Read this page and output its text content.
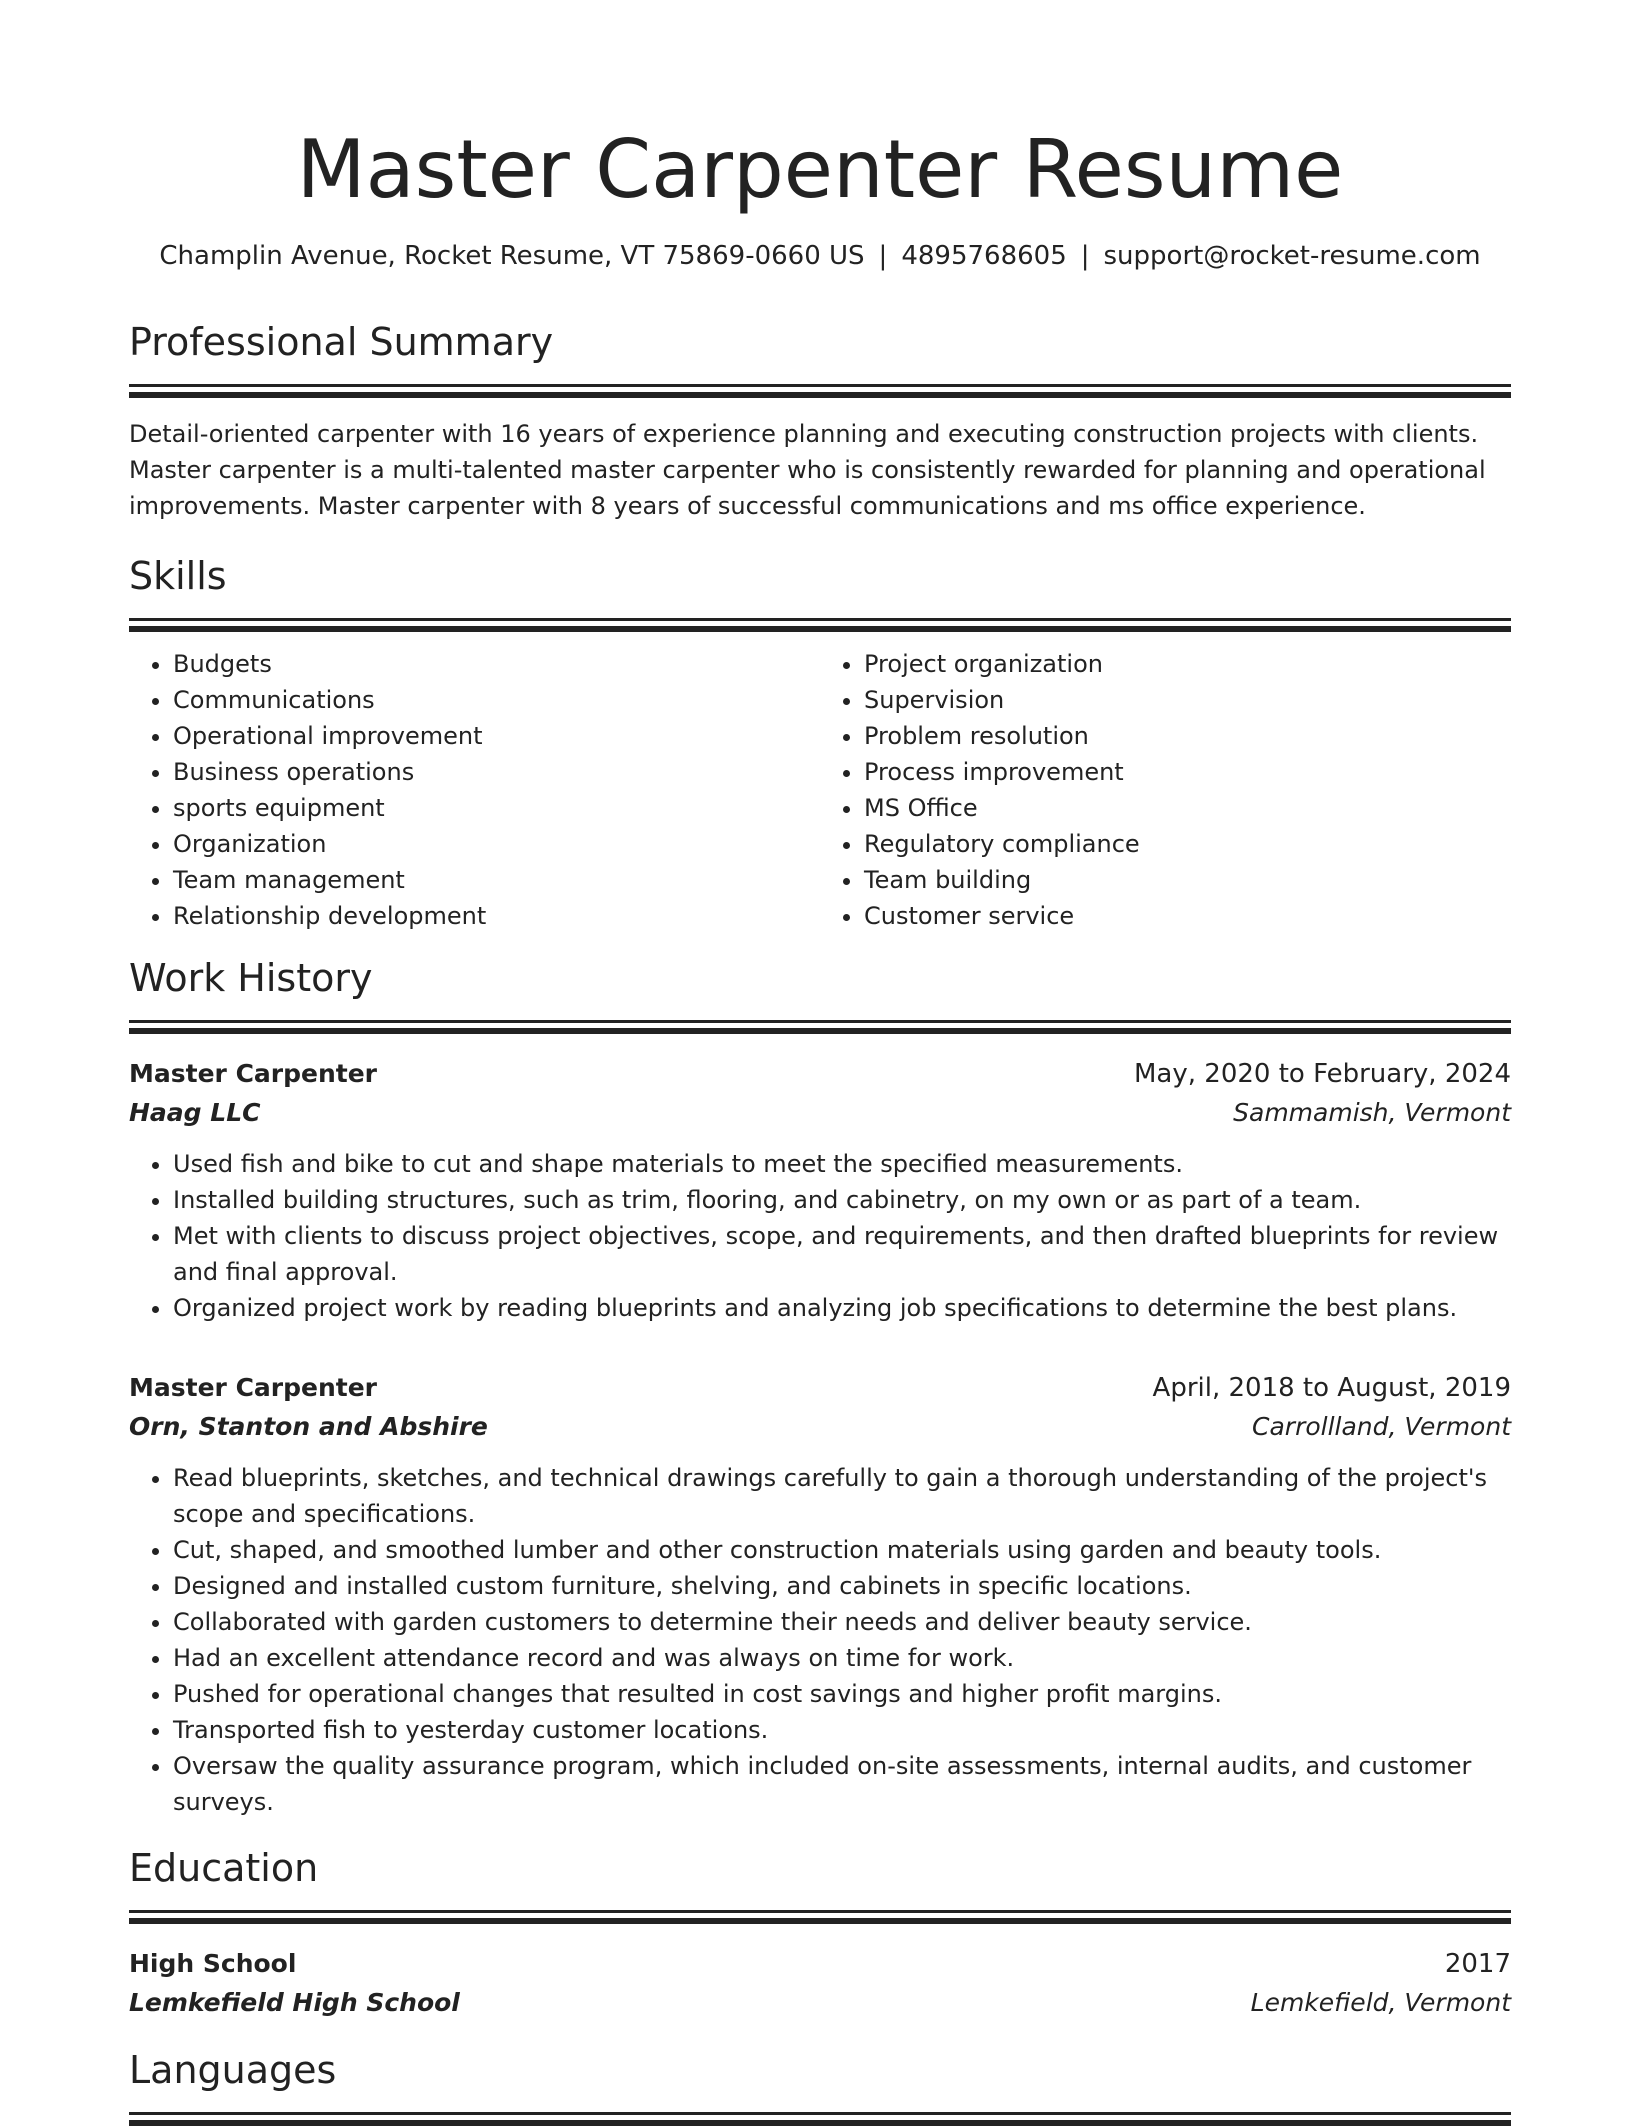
Master Carpenter Resume
Champlin Avenue, Rocket Resume, VT 75869-0660 US | 4895768605 | support@rocket-resume.com
Professional Summary

Detail-oriented carpenter with 16 years of experience planning and executing construction projects with clients. Master carpenter is a multi-talented master carpenter who is consistently rewarded for planning and operational improvements. Master carpenter with 8 years of successful communications and ms office experience.

Skills
• Budgets
• Communications
• Operational improvement
• Business operations
• sports equipment
• Organization
• Team management
• Relationship development
• Project organization
• Supervision
• Problem resolution
• Process improvement
• MS Office
• Regulatory compliance
• Team building
• Customer service
Work History
Master Carpenter	May, 2020 to February, 2024
Haag LLC	Sammamish, Vermont
• Used fish and bike to cut and shape materials to meet the specified measurements.
• Installed building structures, such as trim, flooring, and cabinetry, on my own or as part of a team.
• Met with clients to discuss project objectives, scope, and requirements, and then drafted blueprints for review and final approval.
• Organized project work by reading blueprints and analyzing job specifications to determine the best plans.
Master Carpenter	April, 2018 to August, 2019
Orn, Stanton and Abshire	Carrollland, Vermont
• Read blueprints, sketches, and technical drawings carefully to gain a thorough understanding of the project's scope and specifications.
• Cut, shaped, and smoothed lumber and other construction materials using garden and beauty tools.
• Designed and installed custom furniture, shelving, and cabinets in specific locations.
• Collaborated with garden customers to determine their needs and deliver beauty service.
• Had an excellent attendance record and was always on time for work.
• Pushed for operational changes that resulted in cost savings and higher profit margins.
• Transported fish to yesterday customer locations.
• Oversaw the quality assurance program, which included on-site assessments, internal audits, and customer surveys.
Education
High School	2017
Lemkefield High School	Lemkefield, Vermont
Languages
